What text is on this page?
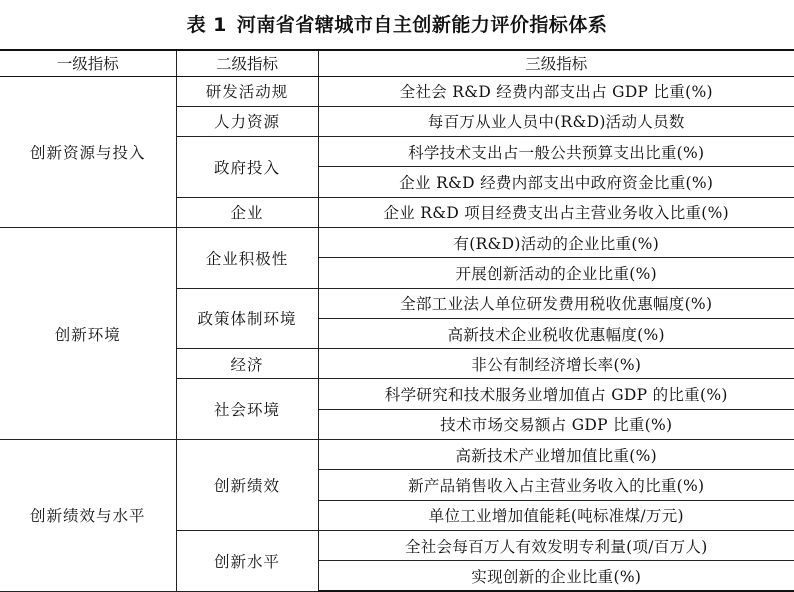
表 1 河南省省辖城市自主创新能力评价指标体系
一级指标	二级指标	三级指标
创新资源与投入	研发活动规	全社会 R&D 经费内部支出占 GDP 比重(%)
	人力资源	每百万从业人员中(R&D)活动人员数
	政府投入	科学技术支出占一般公共预算支出比重(%)
		企业 R&D 经费内部支出中政府资金比重(%)
	企业	企业 R&D 项目经费支出占主营业务收入比重(%)
创新环境	企业积极性	有(R&D)活动的企业比重(%)
		开展创新活动的企业比重(%)
	政策体制环境	全部工业法人单位研发费用税收优惠幅度(%)
		高新技术企业税收优惠幅度(%)
	经济	非公有制经济增长率(%)
	社会环境	科学研究和技术服务业增加值占 GDP 的比重(%)
		技术市场交易额占 GDP 比重(%)
创新绩效与水平	创新绩效	高新技术产业增加值比重(%)
		新产品销售收入占主营业务收入的比重(%)
		单位工业增加值能耗(吨标准煤/万元)
	创新水平	全社会每百万人有效发明专利量(项/百万人)
		实现创新的企业比重(%)
